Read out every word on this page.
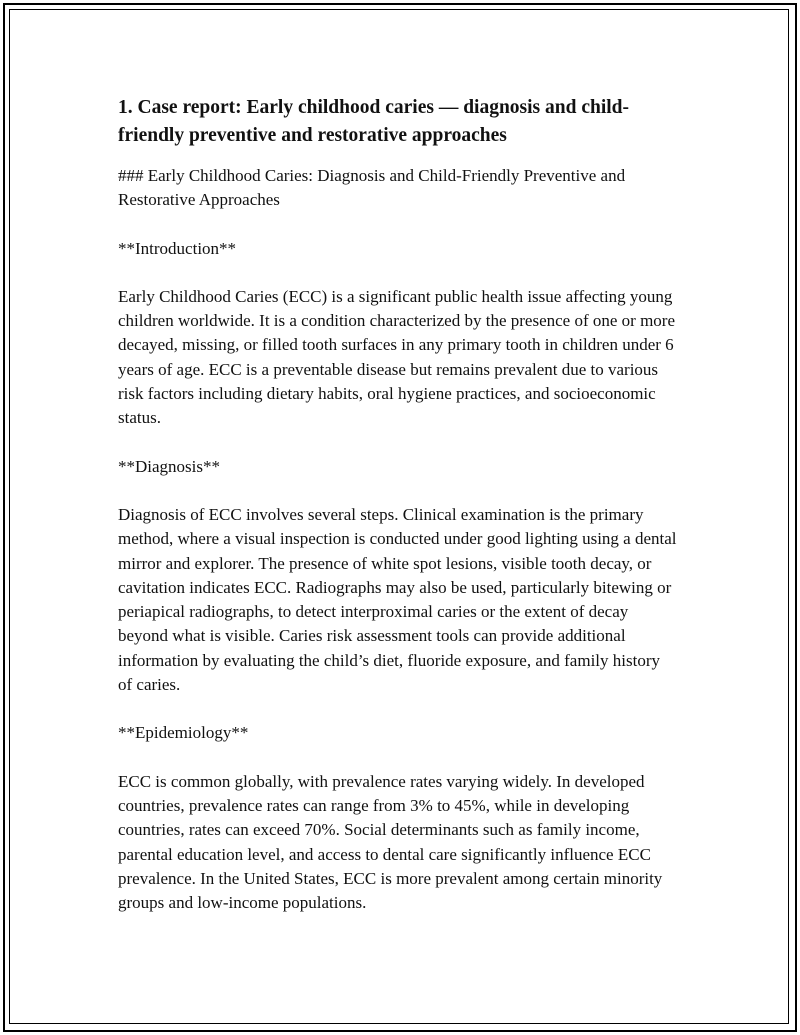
1. Case report: Early childhood caries — diagnosis and child-friendly preventive and restorative approaches

### Early Childhood Caries: Diagnosis and Child-Friendly Preventive and Restorative Approaches

**Introduction**

Early Childhood Caries (ECC) is a significant public health issue affecting young children worldwide. It is a condition characterized by the presence of one or more decayed, missing, or filled tooth surfaces in any primary tooth in children under 6 years of age. ECC is a preventable disease but remains prevalent due to various risk factors including dietary habits, oral hygiene practices, and socioeconomic status.

**Diagnosis**

Diagnosis of ECC involves several steps. Clinical examination is the primary method, where a visual inspection is conducted under good lighting using a dental mirror and explorer. The presence of white spot lesions, visible tooth decay, or cavitation indicates ECC. Radiographs may also be used, particularly bitewing or periapical radiographs, to detect interproximal caries or the extent of decay beyond what is visible. Caries risk assessment tools can provide additional information by evaluating the child’s diet, fluoride exposure, and family history of caries.

**Epidemiology**

ECC is common globally, with prevalence rates varying widely. In developed countries, prevalence rates can range from 3% to 45%, while in developing countries, rates can exceed 70%. Social determinants such as family income, parental education level, and access to dental care significantly influence ECC prevalence. In the United States, ECC is more prevalent among certain minority groups and low-income populations.
